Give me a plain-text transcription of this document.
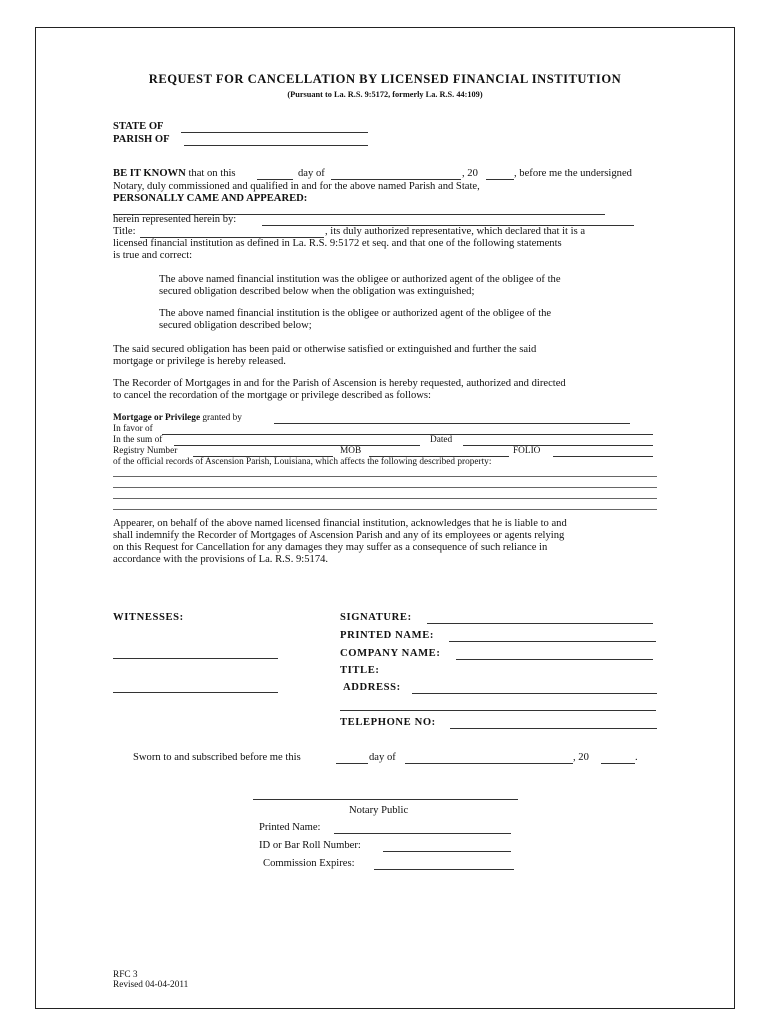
REQUEST FOR CANCELLATION BY LICENSED FINANCIAL INSTITUTION
(Pursuant to La. R.S. 9:5172, formerly La. R.S. 44:109)
STATE OF
PARISH OF
BE IT KNOWN that on this	day of	, 20	, before me the undersigned
Notary, duly commissioned and qualified in and for the above named Parish and State,
PERSONALLY CAME AND APPEARED:
herein represented herein by:
Title:	, its duly authorized representative, which declared that it is a
licensed financial institution as defined in La. R.S. 9:5172 et seq. and that one of the following statements
is true and correct:
The above named financial institution was the obligee or authorized agent of the obligee of the
secured obligation described below when the obligation was extinguished;
The above named financial institution is the obligee or authorized agent of the obligee of the
secured obligation described below;
The said secured obligation has been paid or otherwise satisfied or extinguished and further the said
mortgage or privilege is hereby released.
The Recorder of Mortgages in and for the Parish of Ascension is hereby requested, authorized and directed
to cancel the recordation of the mortgage or privilege described as follows:
Mortgage or Privilege granted by
In favor of
In the sum of	Dated
Registry Number	MOB	FOLIO
of the official records of Ascension Parish, Louisiana, which affects the following described property:
Appearer, on behalf of the above named licensed financial institution, acknowledges that he is liable to and
shall indemnify the Recorder of Mortgages of Ascension Parish and any of its employees or agents relying
on this Request for Cancellation for any damages they may suffer as a consequence of such reliance in
accordance with the provisions of La. R.S. 9:5174.
WITNESSES:	SIGNATURE:
PRINTED NAME:
COMPANY NAME:
TITLE:
ADDRESS:
TELEPHONE NO:
Sworn to and subscribed before me this	day of	, 20	.
Notary Public
Printed Name:
ID or Bar Roll Number:
Commission Expires:
RFC 3
Revised 04-04-2011
